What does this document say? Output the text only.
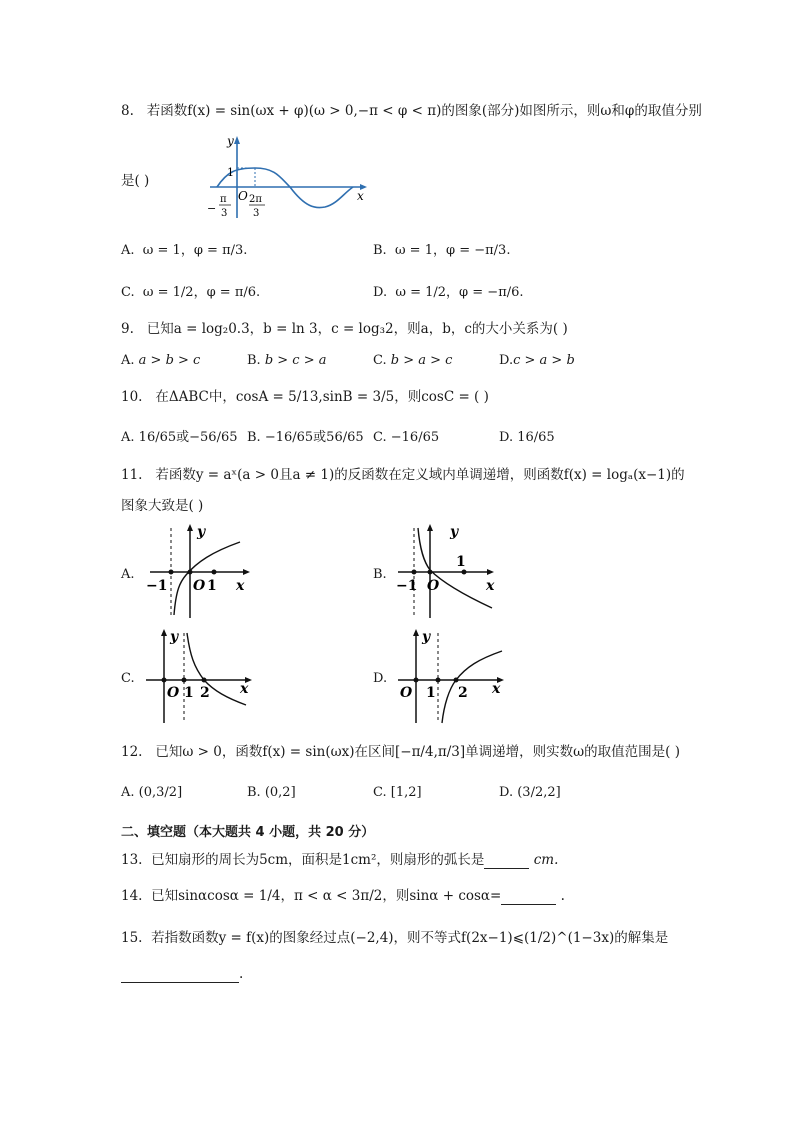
8. 若函数f(x) = sin(ωx + φ)(ω > 0,−π < φ < π)的图象(部分)如图所示，则ω和φ的取值分别
是( )
y
x
1
O
−
π
3
2π
3
A. ω = 1，φ = π/3.	B. ω = 1，φ = −π/3.
C. ω = 1/2，φ = π/6.	D. ω = 1/2，φ = −π/6.
9. 已知a = log₂0.3，b = ln 3，c = log₃2，则a，b，c的大小关系为( )
A. a > b > c	B. b > c > a	C. b > a > c	D.c > a > b
10. 在ΔABC中，cosA = 5/13,sinB = 3/5，则cosC = ( )
A. 16/65或−56/65 B. −16/65或56/65 C. −16/65	D. 16/65
11. 若函数y = aˣ(a > 0且a ≠ 1)的反函数在定义域内单调递增，则函数f(x) = logₐ(x−1)的
图象大致是( )
A.
−1 O 1 x
y
B.
−1 O
1
x
y
C.
O 1 2 x
y
D.
O 1 2 x
y
12. 已知ω > 0，函数f(x) = sin(ωx)在区间[−π/4,π/3]单调递增，则实数ω的取值范围是( )
A. (0,3/2]	B. (0,2]	C. [1,2]	D. (3/2,2]
二、填空题（本大题共 4 小题，共 20 分）
13. 已知扇形的周长为5cm，面积是1cm²，则扇形的弧长是	cm.
14. 已知sinαcosα = 1/4，π < α < 3π/2，则sinα + cosα=	.
15. 若指数函数y = f(x)的图象经过点(−2,4)，则不等式f(2x−1)⩽(1/2)^(1−3x)的解集是
.
